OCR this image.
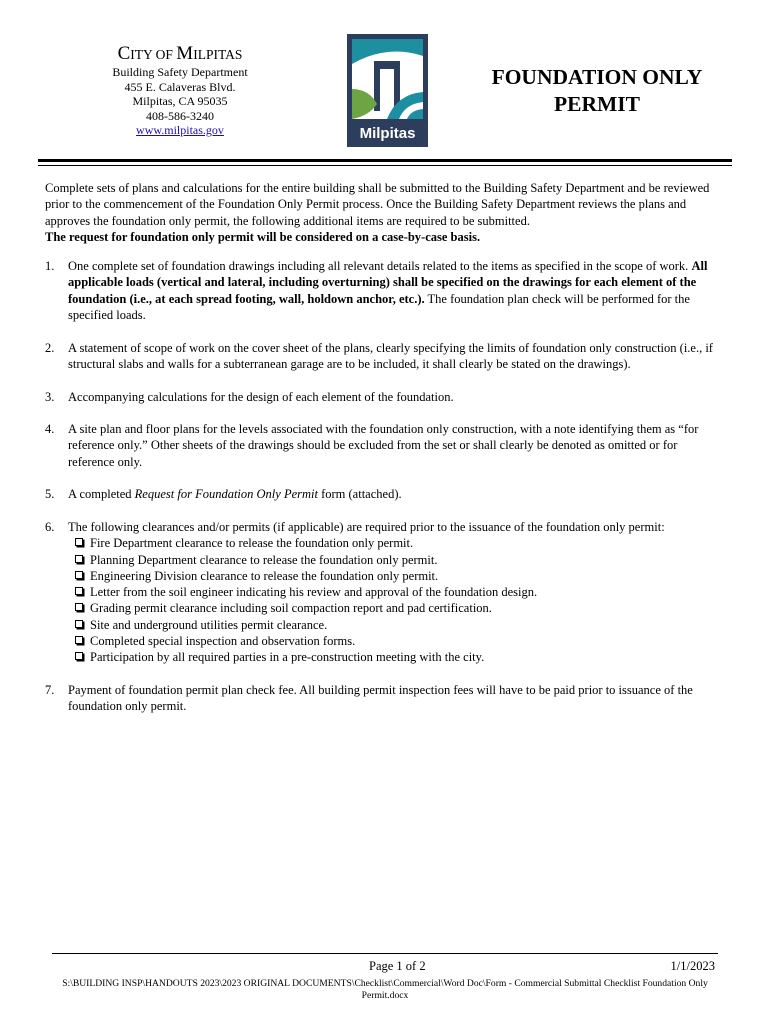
CITY OF MILPITAS
Building Safety Department
455 E. Calaveras Blvd.
Milpitas, CA 95035
408-586-3240
www.milpitas.gov	Milpitas
FOUNDATION ONLY
PERMIT

Complete sets of plans and calculations for the entire building shall be submitted to the Building Safety Department and be reviewed prior to the commencement of the Foundation Only Permit process. Once the Building Safety Department reviews the plans and approves the foundation only permit, the following additional items are required to be submitted.
The request for foundation only permit will be considered on a case-by-case basis.

1. One complete set of foundation drawings including all relevant details related to the items as specified in the scope of work. All applicable loads (vertical and lateral, including overturning) shall be specified on the drawings for each element of the foundation (i.e., at each spread footing, wall, holdown anchor, etc.). The foundation plan check will be performed for the specified loads.
2. A statement of scope of work on the cover sheet of the plans, clearly specifying the limits of foundation only construction (i.e., if structural slabs and walls for a subterranean garage are to be included, it shall clearly be stated on the drawings).
3. Accompanying calculations for the design of each element of the foundation.
4. A site plan and floor plans for the levels associated with the foundation only construction, with a note identifying them as “for reference only.” Other sheets of the drawings should be excluded from the set or shall clearly be denoted as omitted or for reference only.
5. A completed Request for Foundation Only Permit form (attached).
6. The following clearances and/or permits (if applicable) are required prior to the issuance of the foundation only permit:
Fire Department clearance to release the foundation only permit.
Planning Department clearance to release the foundation only permit.
Engineering Division clearance to release the foundation only permit.
Letter from the soil engineer indicating his review and approval of the foundation design.
Grading permit clearance including soil compaction report and pad certification.
Site and underground utilities permit clearance.
Completed special inspection and observation forms.
Participation by all required parties in a pre-construction meeting with the city.
7. Payment of foundation permit plan check fee. All building permit inspection fees will have to be paid prior to issuance of the foundation only permit.
Page 1 of 2	1/1/2023
S:\BUILDING INSP\HANDOUTS 2023\2023 ORIGINAL DOCUMENTS\Checklist\Commercial\Word Doc\Form - Commercial Submittal Checklist Foundation Only Permit.docx
